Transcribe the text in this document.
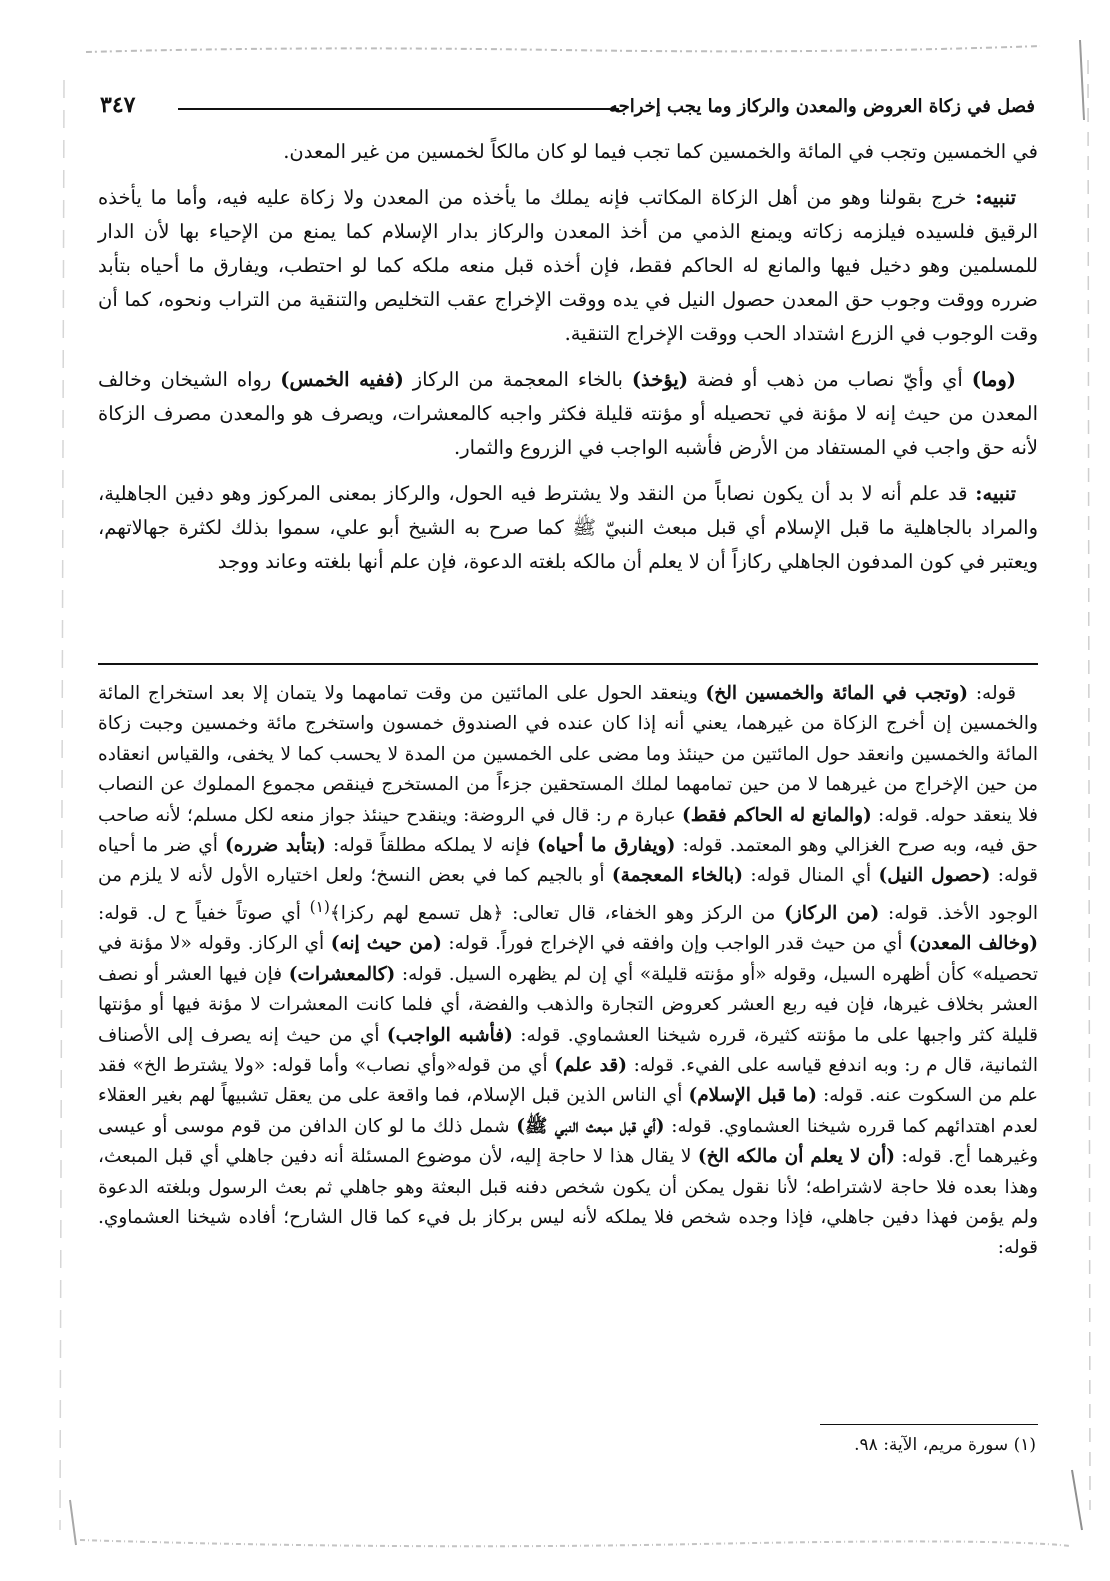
فصل في زكاة العروض والمعدن والركاز وما يجب إخراجه
٣٤٧

في الخمسين وتجب في المائة والخمسين كما تجب فيما لو كان مالكاً لخمسين من غير المعدن.

تنبيه: خرج بقولنا وهو من أهل الزكاة المكاتب فإنه يملك ما يأخذه من المعدن ولا زكاة عليه فيه، وأما ما يأخذه الرقيق فلسيده فيلزمه زكاته ويمنع الذمي من أخذ المعدن والركاز بدار الإسلام كما يمنع من الإحياء بها لأن الدار للمسلمين وهو دخيل فيها والمانع له الحاكم فقط، فإن أخذه قبل منعه ملكه كما لو احتطب، ويفارق ما أحياه بتأبد ضرره ووقت وجوب حق المعدن حصول النيل في يده ووقت الإخراج عقب التخليص والتنقية من التراب ونحوه، كما أن وقت الوجوب في الزرع اشتداد الحب ووقت الإخراج التنقية.

(وما) أي وأيّ نصاب من ذهب أو فضة (يؤخذ) بالخاء المعجمة من الركاز (ففيه الخمس) رواه الشيخان وخالف المعدن من حيث إنه لا مؤنة في تحصيله أو مؤنته قليلة فكثر واجبه كالمعشرات، ويصرف هو والمعدن مصرف الزكاة لأنه حق واجب في المستفاد من الأرض فأشبه الواجب في الزروع والثمار.

تنبيه: قد علم أنه لا بد أن يكون نصاباً من النقد ولا يشترط فيه الحول، والركاز بمعنى المركوز وهو دفين الجاهلية، والمراد بالجاهلية ما قبل الإسلام أي قبل مبعث النبيّ ﷺ كما صرح به الشيخ أبو علي، سموا بذلك لكثرة جهالاتهم، ويعتبر في كون المدفون الجاهلي ركازاً أن لا يعلم أن مالكه بلغته الدعوة، فإن علم أنها بلغته وعاند ووجد

قوله: (وتجب في المائة والخمسين الخ) وينعقد الحول على المائتين من وقت تمامهما ولا يتمان إلا بعد استخراج المائة والخمسين إن أخرج الزكاة من غيرهما، يعني أنه إذا كان عنده في الصندوق خمسون واستخرج مائة وخمسين وجبت زكاة المائة والخمسين وانعقد حول المائتين من حينئذ وما مضى على الخمسين من المدة لا يحسب كما لا يخفى، والقياس انعقاده من حين الإخراج من غيرهما لا من حين تمامهما لملك المستحقين جزءاً من المستخرج فينقص مجموع المملوك عن النصاب فلا ينعقد حوله. قوله: (والمانع له الحاكم فقط) عبارة م ر: قال في الروضة: وينقدح حينئذ جواز منعه لكل مسلم؛ لأنه صاحب حق فيه، وبه صرح الغزالي وهو المعتمد. قوله: (ويفارق ما أحياه) فإنه لا يملكه مطلقاً قوله: (بتأبد ضرره) أي ضر ما أحياه قوله: (حصول النيل) أي المنال قوله: (بالخاء المعجمة) أو بالجيم كما في بعض النسخ؛ ولعل اختياره الأول لأنه لا يلزم من الوجود الأخذ. قوله: (من الركاز) من الركز وهو الخفاء، قال تعالى: ﴿هل تسمع لهم ركزا﴾$^{(١)}$ أي صوتاً خفياً ح ل. قوله: (وخالف المعدن) أي من حيث قدر الواجب وإن وافقه في الإخراج فوراً. قوله: (من حيث إنه) أي الركاز. وقوله «لا مؤنة في تحصيله» كأن أظهره السيل، وقوله «أو مؤنته قليلة» أي إن لم يظهره السيل. قوله: (كالمعشرات) فإن فيها العشر أو نصف العشر بخلاف غيرها، فإن فيه ربع العشر كعروض التجارة والذهب والفضة، أي فلما كانت المعشرات لا مؤنة فيها أو مؤنتها قليلة كثر واجبها على ما مؤنته كثيرة، قرره شيخنا العشماوي. قوله: (فأشبه الواجب) أي من حيث إنه يصرف إلى الأصناف الثمانية، قال م ر: وبه اندفع قياسه على الفيء. قوله: (قد علم) أي من قوله«وأي نصاب» وأما قوله: «ولا يشترط الخ» فقد علم من السكوت عنه. قوله: (ما قبل الإسلام) أي الناس الذين قبل الإسلام، فما واقعة على من يعقل تشبيهاً لهم بغير العقلاء لعدم اهتدائهم كما قرره شيخنا العشماوي. قوله: (أي قبل مبعث النبي ﷺ) شمل ذلك ما لو كان الدافن من قوم موسى أو عيسى وغيرهما أج. قوله: (أن لا يعلم أن مالكه الخ) لا يقال هذا لا حاجة إليه، لأن موضوع المسئلة أنه دفين جاهلي أي قبل المبعث، وهذا بعده فلا حاجة لاشتراطه؛ لأنا نقول يمكن أن يكون شخص دفنه قبل البعثة وهو جاهلي ثم بعث الرسول وبلغته الدعوة ولم يؤمن فهذا دفين جاهلي، فإذا وجده شخص فلا يملكه لأنه ليس بركاز بل فيء كما قال الشارح؛ أفاده شيخنا العشماوي. قوله:

(١) سورة مريم، الآية: ٩٨.
